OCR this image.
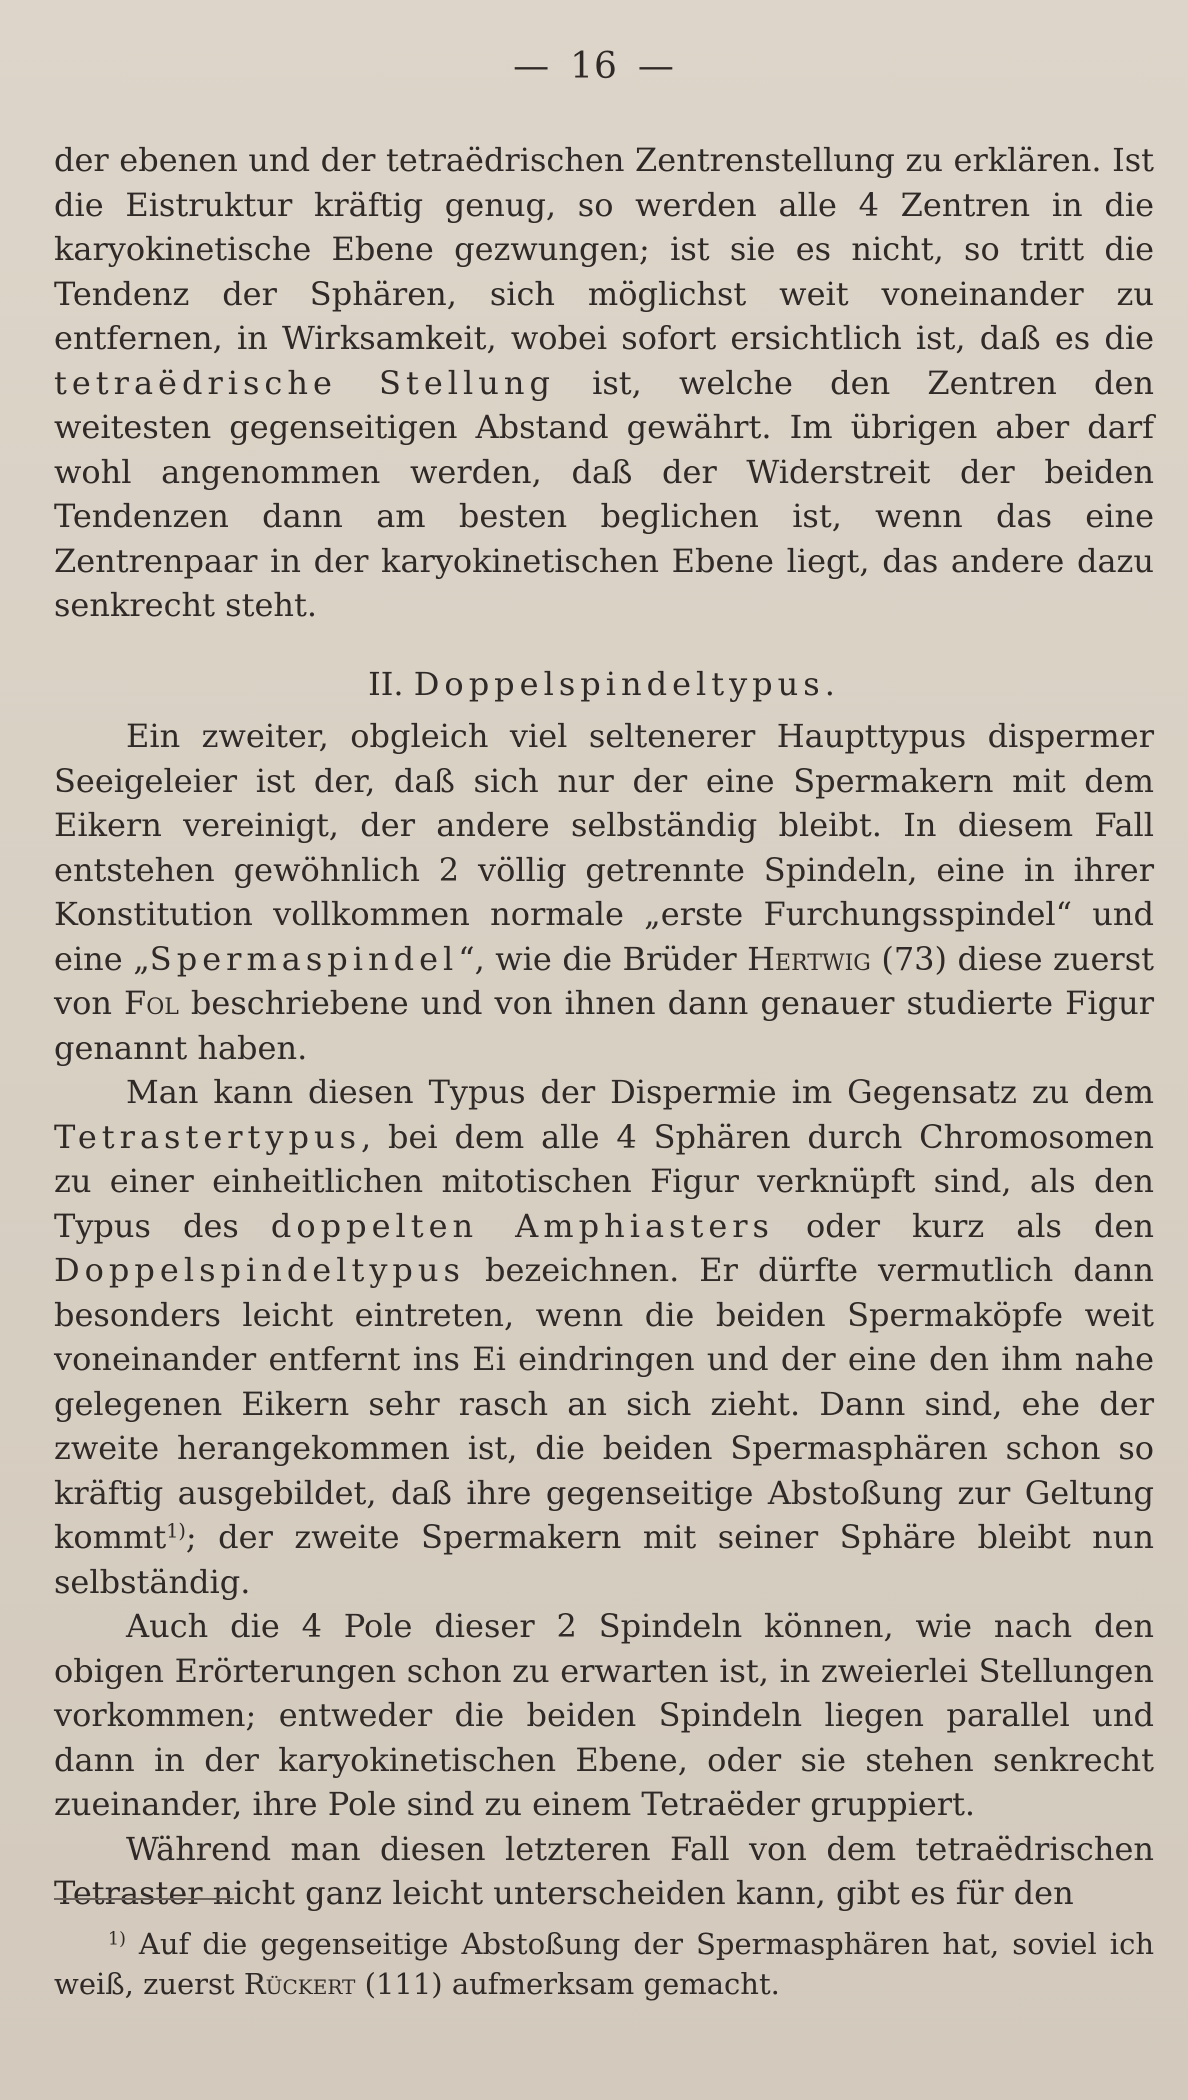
— 16 —

der ebenen und der tetraëdrischen Zentrenstellung zu erklären. Ist die Eistruktur kräftig genug, so werden alle 4 Zentren in die karyokinetische Ebene gezwungen; ist sie es nicht, so tritt die Tendenz der Sphären, sich möglichst weit voneinander zu entfernen, in Wirksamkeit, wobei sofort ersichtlich ist, daß es die tetraëdrische Stellung ist, welche den Zentren den weitesten gegenseitigen Abstand gewährt. Im übrigen aber darf wohl angenommen werden, daß der Widerstreit der beiden Tendenzen dann am besten beglichen ist, wenn das eine Zentrenpaar in der karyokinetischen Ebene liegt, das andere dazu senkrecht steht.

II. Doppelspindeltypus.

Ein zweiter, obgleich viel seltenerer Haupttypus dispermer Seeigeleier ist der, daß sich nur der eine Spermakern mit dem Eikern vereinigt, der andere selbständig bleibt. In diesem Fall entstehen gewöhnlich 2 völlig getrennte Spindeln, eine in ihrer Konstitution vollkommen normale „erste Furchungsspindel“ und eine „Spermaspindel“, wie die Brüder Hertwig (73) diese zuerst von Fol beschriebene und von ihnen dann genauer studierte Figur genannt haben.

Man kann diesen Typus der Dispermie im Gegensatz zu dem Tetrastertypus, bei dem alle 4 Sphären durch Chromosomen zu einer einheitlichen mitotischen Figur verknüpft sind, als den Typus des doppelten Amphiasters oder kurz als den Doppelspindeltypus bezeichnen. Er dürfte vermutlich dann besonders leicht eintreten, wenn die beiden Spermaköpfe weit voneinander entfernt ins Ei eindringen und der eine den ihm nahe gelegenen Eikern sehr rasch an sich zieht. Dann sind, ehe der zweite herangekommen ist, die beiden Spermasphären schon so kräftig ausgebildet, daß ihre gegenseitige Abstoßung zur Geltung kommt$^{1)}$; der zweite Spermakern mit seiner Sphäre bleibt nun selbständig.

Auch die 4 Pole dieser 2 Spindeln können, wie nach den obigen Erörterungen schon zu erwarten ist, in zweierlei Stellungen vorkommen; entweder die beiden Spindeln liegen parallel und dann in der karyokinetischen Ebene, oder sie stehen senkrecht zueinander, ihre Pole sind zu einem Tetraëder gruppiert.

Während man diesen letzteren Fall von dem tetraëdrischen Tetraster nicht ganz leicht unterscheiden kann, gibt es für den

$^{1)}$ Auf die gegenseitige Abstoßung der Spermasphären hat, soviel ich weiß, zuerst Rückert (111) aufmerksam gemacht.
